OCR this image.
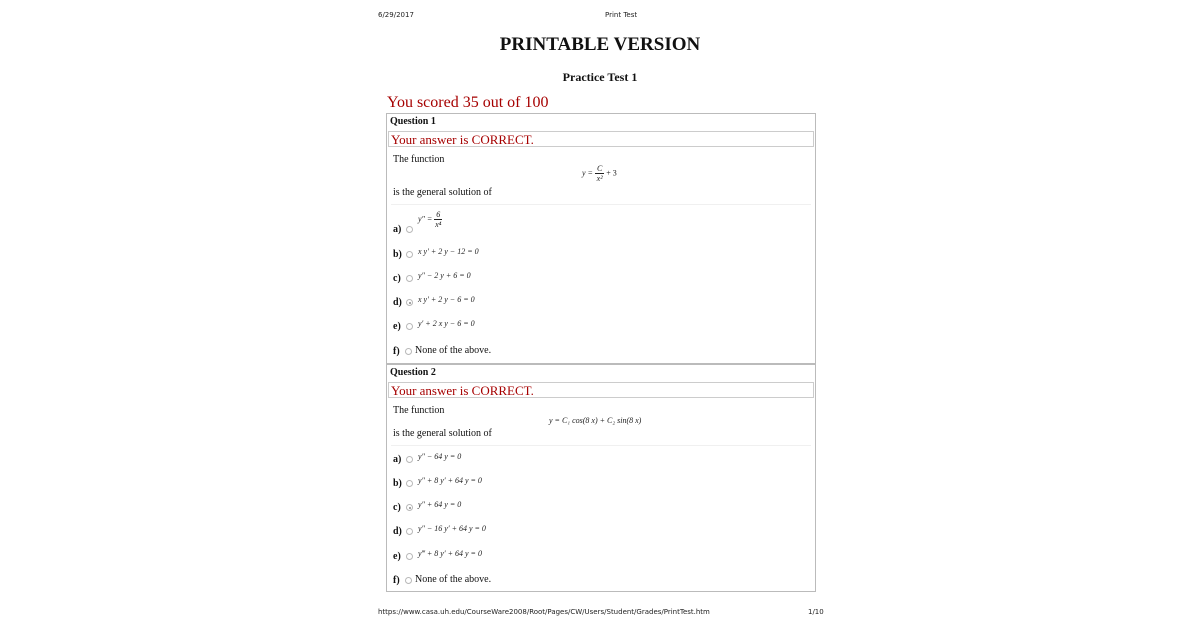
6/29/2017	Print Test
PRINTABLE VERSION
Practice Test 1
You scored 35 out of 100
Question 1
Your answer is CORRECT.
The function
$y = \frac{C}{\text{x²}} + 3$
is the general solution of
a)
$y'' = \frac{6}{\text{x⁴}}$
b) x y′ + 2 y − 12 = 0
c) y″ − 2 y + 6 = 0
d) x y′ + 2 y − 6 = 0
e) y′ + 2 x y − 6 = 0
f) None of the above.
Question 2
Your answer is CORRECT.
The function
y = C₁ cos(8 x) + C₂ sin(8 x)
is the general solution of
a) y″ − 64 y = 0
b) y″ + 8 y′ + 64 y = 0
c) y″ + 64 y = 0
d) y″ − 16 y′ + 64 y = 0
e) y‴ + 8 y′ + 64 y = 0
f) None of the above.
https://www.casa.uh.edu/CourseWare2008/Root/Pages/CW/Users/Student/Grades/PrintTest.htm	1/10
